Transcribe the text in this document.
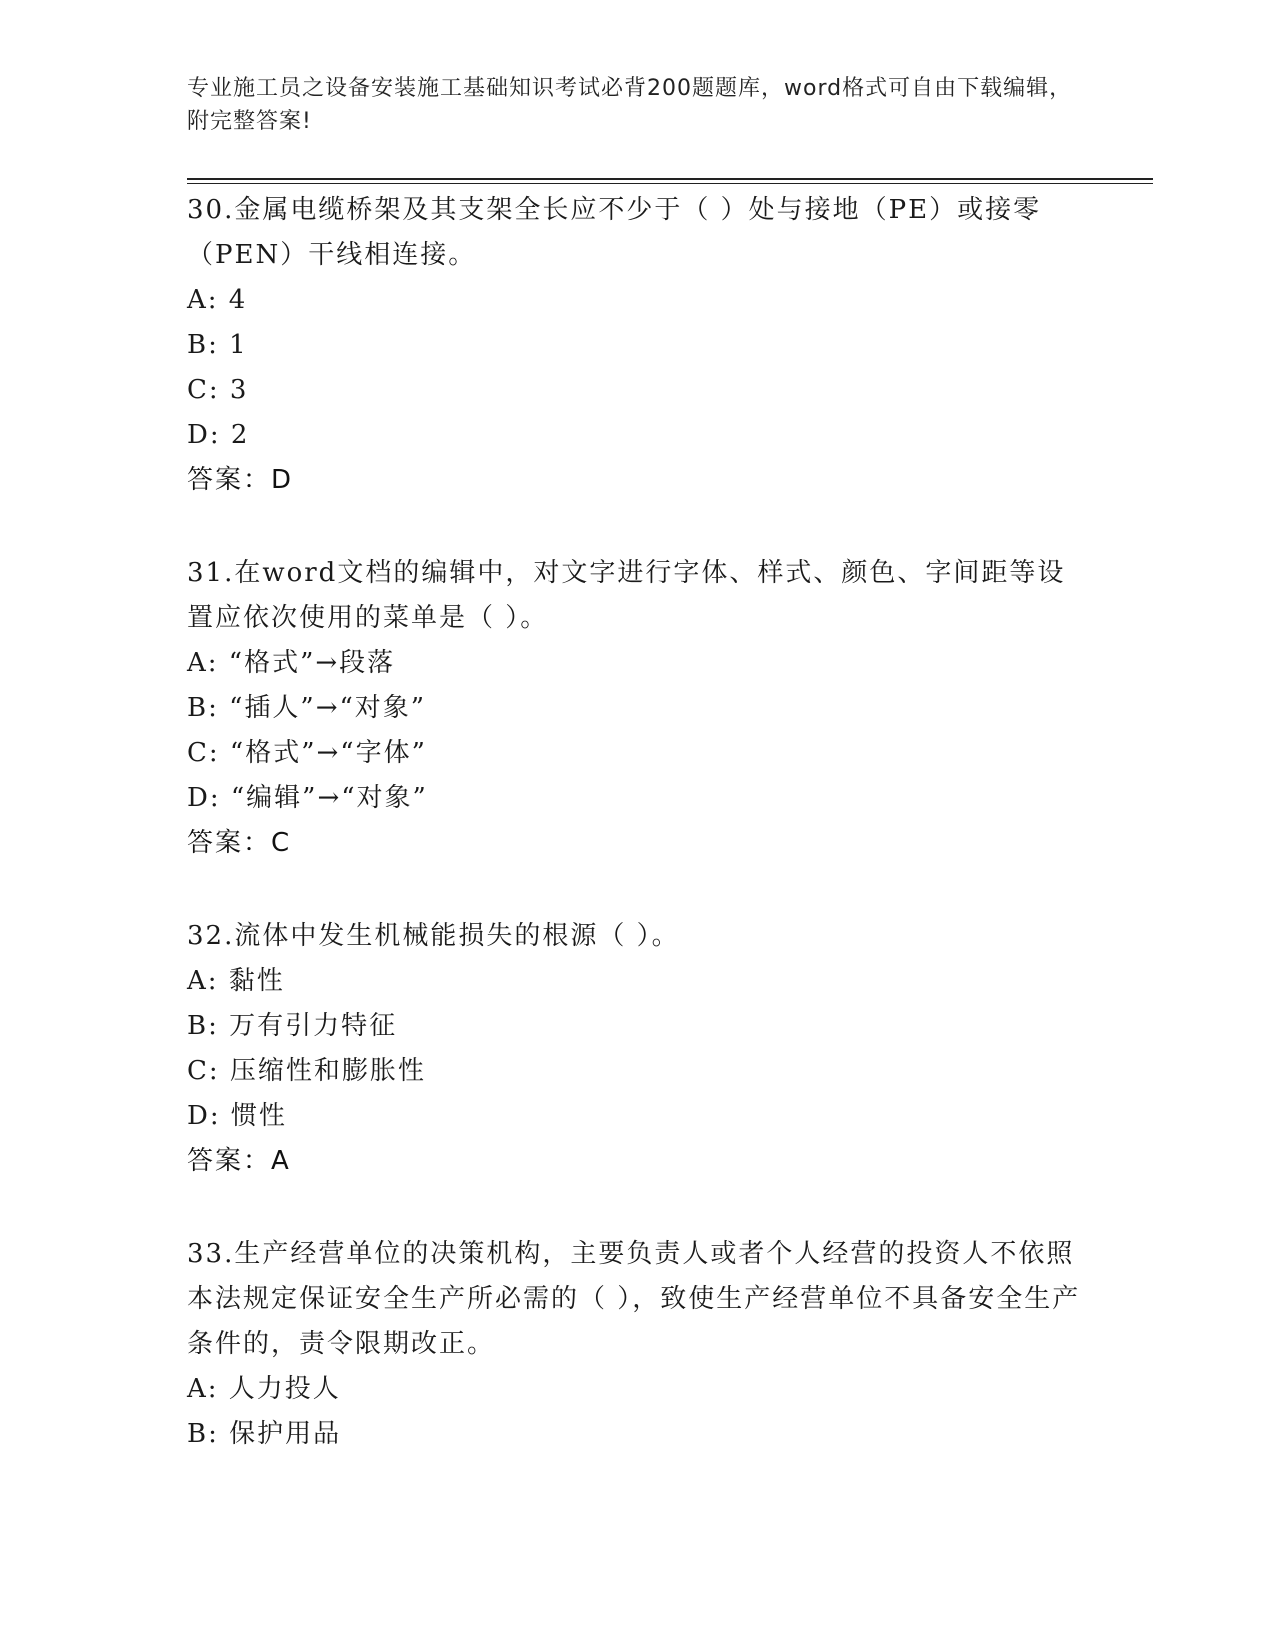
专业施工员之设备安装施工基础知识考试必背200题题库，word格式可自由下载编辑，附完整答案!
30.金属电缆桥架及其支架全长应不少于（ ）处与接地（PE）或接零（PEN）干线相连接。
A: 4
B: 1
C: 3
D: 2
答案：D
31.在word文档的编辑中，对文字进行字体、样式、颜色、字间距等设置应依次使用的菜单是（ ）。
A: “格式”→段落
B: “插人”→“对象”
C: “格式”→“字体”
D: “编辑”→“对象”
答案：C
32.流体中发生机械能损失的根源（ ）。
A: 黏性
B: 万有引力特征
C: 压缩性和膨胀性
D: 惯性
答案：A
33.生产经营单位的决策机构，主要负责人或者个人经营的投资人不依照本法规定保证安全生产所必需的（ ），致使生产经营单位不具备安全生产条件的，责令限期改正。
A: 人力投人
B: 保护用品
